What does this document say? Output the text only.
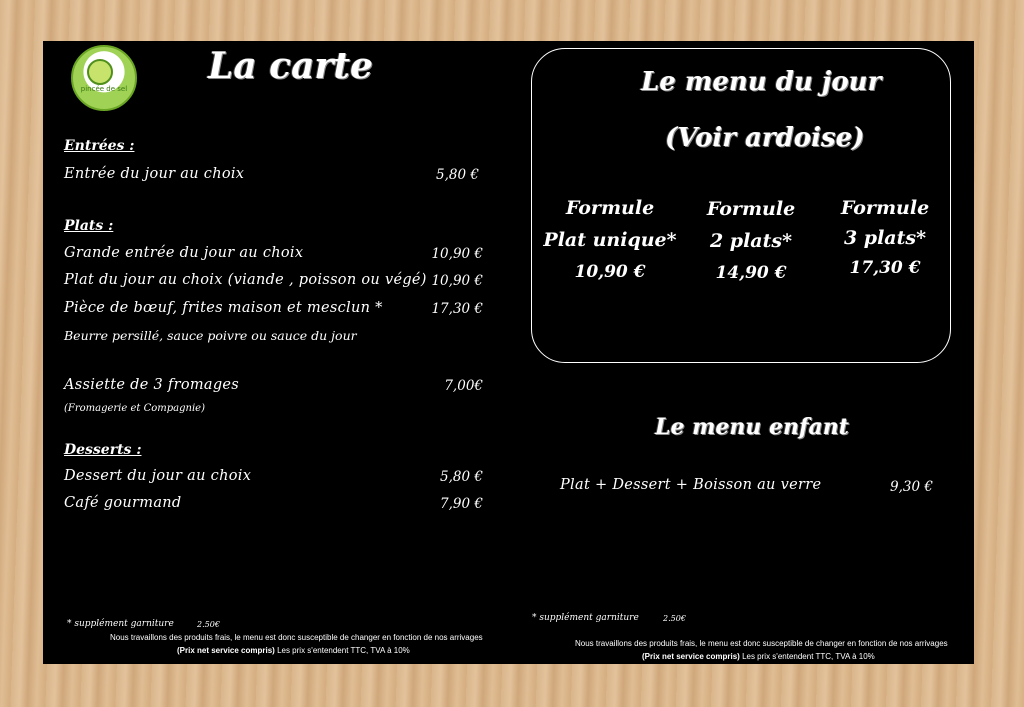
pincée de sel
La carte
Entrées :
Entrée du jour au choix	5,80 €
Plats :
Grande entrée du jour au choix	10,90 €
Plat du jour au choix (viande , poisson ou végé) 10,90 €
Pièce de bœuf, frites maison et mesclun *	17,30 €
Beurre persillé, sauce poivre ou sauce du jour
Assiette de 3 fromages	7,00€
(Fromagerie et Compagnie)
Desserts :
Dessert du jour au choix	5,80 €
Café gourmand	7,90 €
* supplément garniture	2.50€
Nous travaillons des produits frais, le menu est donc susceptible de changer en fonction de nos arrivages
(Prix net service compris) Les prix s'entendent TTC, TVA à 10%
Le menu du jour
(Voir ardoise)
Formule
Plat unique*
10,90 €
Formule
2 plats*
14,90 €
Formule
3 plats*
17,30 €
Le menu enfant
Plat + Dessert + Boisson au verre	9,30 €
* supplément garniture	2.50€
Nous travaillons des produits frais, le menu est donc susceptible de changer en fonction de nos arrivages
(Prix net service compris) Les prix s'entendent TTC, TVA à 10%
